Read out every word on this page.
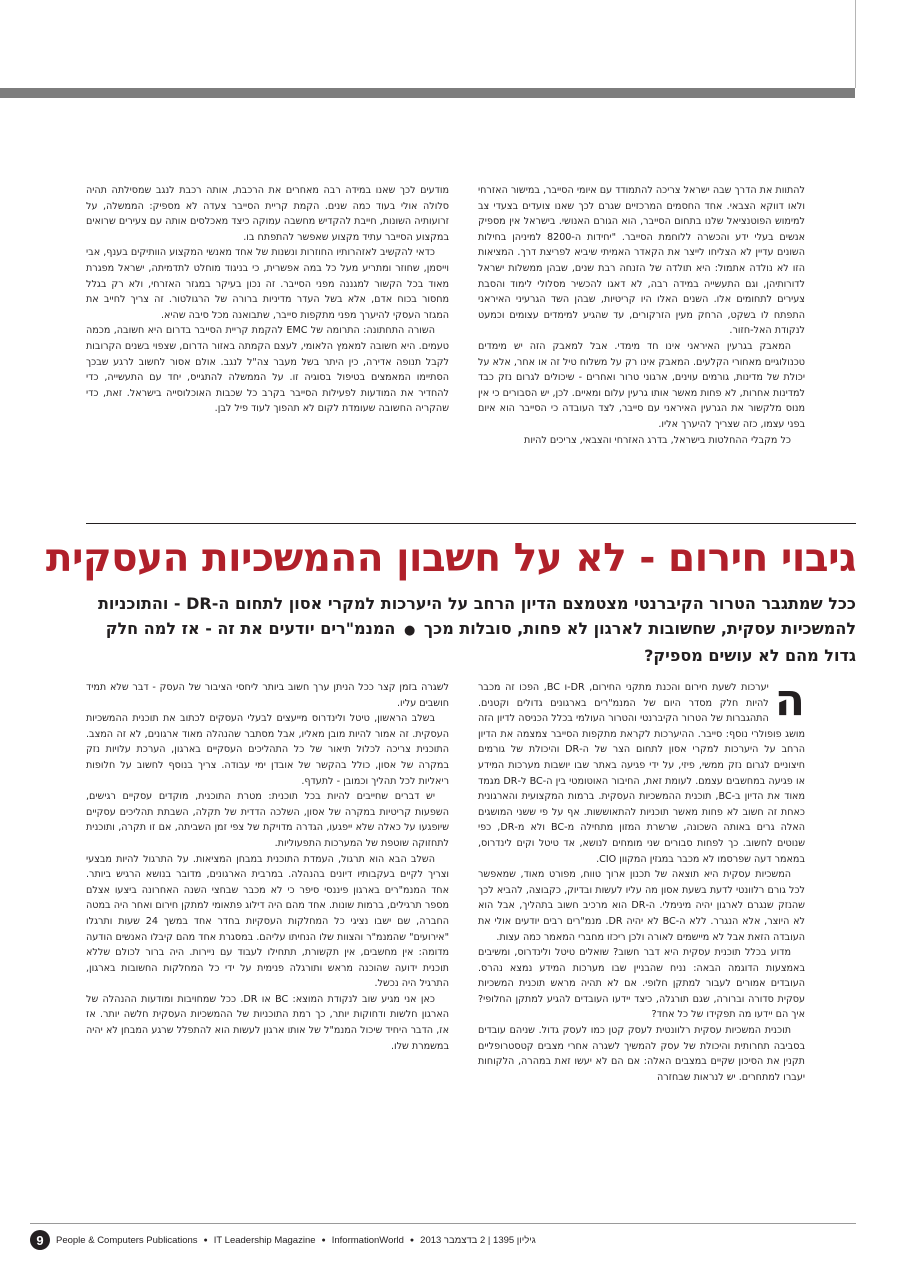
להתוות את הדרך שבה ישראל צריכה להתמודד עם איומי הסייבר, במישור האזרחי ולאו דווקא הצבאי. אחד החסמים המרכזיים שגרם לכך שאנו צועדים בצעדי צב למימוש הפוטנציאל שלנו בתחום הסייבר, הוא הגורם האנושי. בישראל אין מספיק אנשים בעלי ידע והכשרה ללוחמת הסייבר. "יחידות ה-8200 למיניהן בחילות השונים עדיין לא הצליחו לייצר את הקאדר האמיתי שיביא לפריצת דרך. המציאות הזו לא נולדה אתמול: היא תולדה של הזנחה רבת שנים, שבהן ממשלות ישראל לדורותיהן, וגם התעשייה במידה רבה, לא דאגו להכשיר מסלולי לימוד והסבת צעירים לתחומים אלו. השנים האלו היו קריטיות, שבהן השד הגרעיני האיראני התפתח לו בשקט, הרחק מעין הזרקורים, עד שהגיע למימדים עצומים וכמעט לנקודת האל-חזור.

המאבק בגרעין האיראני אינו חד מימדי. אבל למאבק הזה יש מימדים טכנולוגיים מאחורי הקלעים. המאבק אינו רק על משלוח טיל זה או אחר, אלא על יכולת של מדינות, גורמים עוינים, ארגוני טרור ואחרים - שיכולים לגרום נזק כבד למדינות אחרות, לא פחות מאשר אותו גרעין עלום ומאיים. לכן, יש הסבורים כי אין מנוס מלקשור את הגרעין האיראני עם סייבר, לצד העובדה כי הסייבר הוא איום בפני עצמו, כזה שצריך להיערך אליו.

כל מקבלי ההחלטות בישראל, בדרג האזרחי והצבאי, צריכים להיות

מודעים לכך שאנו במידה רבה מאחרים את הרכבת, אותה רכבת לנגב שמסילתה תהיה סלולה אולי בעוד כמה שנים. הקמת קריית הסייבר צעדה לא מספיק: הממשלה, על זרועותיה השונות, חייבת להקדיש מחשבה עמוקה כיצד מאכלסים אותה עם צעירים שרואים במקצוע הסייבר עתיד מקצוע שאפשר להתפתח בו.

כדאי להקשיב לאזהרותיו החוזרות ונשנות של אחד מאנשי המקצוע הוותיקים בענף, אבי וייסמן, שחוזר ומתריע מעל כל במה אפשרית, כי בניגוד מוחלט לתדמיתה, ישראל מפגרת מאוד בכל הקשור למגננה מפני הסייבר. זה נכון בעיקר במגזר האזרחי, ולא רק בגלל מחסור בכוח אדם, אלא בשל העדר מדיניות ברורה של הרגולטור. זה צריך לחייב את המגזר העסקי להיערך מפני מתקפות סייבר, שתבואנה מכל סיבה שהיא.

השורה התחתונה: התרומה של EMC להקמת קריית הסייבר בדרום היא חשובה, מכמה טעמים. היא חשובה למאמץ הלאומי, לעצם הקמתה באזור הדרום, שצפוי בשנים הקרובות לקבל תנופה אדירה, כין היתר בשל מעבר צה"ל לנגב. אולם אסור לחשוב לרגע שבכך הסתיימו המאמצים בטיפול בסוגיה זו. על הממשלה להתגייס, יחד עם התעשייה, כדי להחדיר את המודעות לפעילות הסייבר בקרב כל שכבות האוכלוסייה בישראל. זאת, כדי שהקריה החשובה שעומדת לקום לא תהפוך לעוד פיל לבן.

גיבוי חירום - לא על חשבון ההמשכיות העסקית
ככל שמתגבר הטרור הקיברנטי מצטמצם הדיון הרחב על היערכות למקרי אסון לתחום ה-DR - והתוכניות להמשכיות עסקית, שחשובות לארגון לא פחות, סובלות מכך ● המנמ"רים יודעים את זה - אז למה חלק גדול מהם לא עושים מספיק?

ה
יערכות לשעת חירום והכנת מתקני החירום, DR-ו BC, הפכו זה מכבר להיות חלק מסדר היום של המנמ"רים בארגונים גדולים וקטנים. התהגברות של הטרור הקיברנטי והטרור העולמי בכלל הכניסה לדיון הזה מושג פופולרי נוסף: סייבר. ההיערכות לקראת מתקפות הסייבר צמצמה את הדיון הרחב על היערכות למקרי אסון לתחום הצר של ה-DR והיכולת של גורמים חיצוניים לגרום נזק ממשי, פיזי, על ידי פגיעה באתר שבו יושבות מערכות המידע או פגיעה במחשבים עצמם. לעומת זאת, החיבור האוטומטי בין ה-BC ל-DR מגמד מאוד את הדיון ב-BC, תוכנית ההמשכיות העסקית. ברמות המקצועית והארגונית כאחת זה חשוב לא פחות מאשר תוכניות להתאוששות. אף על פי ששני המושגים האלה גרים באותה השכונה, שרשרת המזון מתחילה מ-BC ולא מ-DR, כפי שנוטים לחשוב. כך לפחות סבורים שני מומחים לנושא, אד טיטל וקים לינדרוס, במאמר דעה שפרסמו לא מכבר במגזין המקוון CIO.

המשכיות עסקית היא תוצאה של תכנון ארוך טווח, מפורט מאוד, שמאפשר לכל גורם רלוונטי לדעת בשעת אסון מה עליו לעשות ובדיוק, כקבוצה, להביא לכך שהנזק שנגרם לארגון יהיה מינימלי. ה-DR הוא מרכיב חשוב בתהליך, אבל הוא לא היוצר, אלא הנגרר. ללא ה-BC לא יהיה DR. מנמ"רים רבים יודעים אולי את העובדה הזאת אבל לא מיישמים לאורה ולכן ריכזו מחברי המאמר כמה עצות.

מדוע בכלל תוכנית עסקית היא דבר חשוב? שואלים טיטל ולינדרוס, ומשיבים באמצעות הדוגמה הבאה: נניח שהבניין שבו מערכות המידע נמצא נהרס. העובדים אמורים לעבור למתקן חלופי. אם לא תהיה מראש תוכנית המשכיות עסקית סדורה וברורה, שגם תורגלה, כיצד יידעו העובדים להגיע למתקן החלופי? איך הם יידעו מה תפקידו של כל אחד?

תוכנית המשכיות עסקית רלוונטית לעסק קטן כמו לעסק גדול. שניהם עובדים בסביבה תחרותית והיכולת של עסק להמשיך לשגרה אחרי מצבים קטסטרופליים תקנין את הסיכון שקיים במצבים האלה: אם הם לא יעשו זאת במהרה, הלקוחות יעברו למתחרים. יש לנראות שבחזרה

לשגרה בזמן קצר ככל הניתן ערך חשוב ביותר ליחסי הציבור של העסק - דבר שלא תמיד חושבים עליו.

בשלב הראשון, טיטל ולינדרוס מייעצים לבעלי העסקים לכתוב את תוכנית ההמשכיות העסקית. זה אמור להיות מובן מאליו, אבל מסתבר שהנהלה מאוד ארגונים, לא זה המצב. התוכנית צריכה לכלול תיאור של כל התהליכים העסקיים בארגון, הערכת עלויות נזק במקרה של אסון, כולל בהקשר של אובדן ימי עבודה. צריך בנוסף לחשוב על חלופות ריאליות לכל תהליך וכמובן - לתעדף.

יש דברים שחייבים להיות בכל תוכנית: מטרת התוכנית, מוקדים עסקיים רגישים, השפעות קריטיות במקרה של אסון, השלכה הדדית של תקלה, השבתת תהליכים עסקיים שיופגעו על כאלה שלא ייפגעו, הגדרה מדויקת של צפי זמן השביתה, אם זו תקרה, ותוכנית לתחזוקה שוטפת של המערכות התפעוליות.

השלב הבא הוא תרגול, העמדת התוכנית במבחן המציאות. על התרגול להיות מבצעי וצריך לקיים בעקבותיו דיונים בהנהלה. במרבית הארגונים, מדובר בנושא הרגיש ביותר. אחד המנמ"רים בארגון פיננסי סיפר כי לא מכבר שבחצי השנה האחרונה ביצעו אצלם מספר תרגילים, ברמות שונות. אחד מהם היה דילוג פתאומי למתקן חירום ואחר היה במטה החברה, שם ישבו נציגי כל המחלקות העסקיות בחדר אחד במשך 24 שעות ותרגלו "אירועים" שהמנמ"ר והצוות שלו הנחיתו עליהם. במסגרת אחד מהם קיבלו האנשים הודעה מדומה: אין מחשבים, אין תקשורת, תתחילו לעבוד עם ניירות. היה ברור לכולם שללא תוכנית ידועה שהוכנה מראש ותורגלה פנימית על ידי כל המחלקות החשובות בארגון, התרגיל היה נכשל.

כאן אני מגיע שוב לנקודת המוצא: BC או DR. ככל שמחויבות ומודעות ההנהלה של הארגון חלשות ודחוקות יותר, כך רמת התוכניות של ההמשכיות העסקית חלשה יותר. אז אז, הדבר היחיד שיכול המנמ"ל של אותו ארגון לעשות הוא להתפלל שרגע המבחן לא יהיה במשמרת שלו.

9	People & Computers Publications ● IT Leadership Magazine ● InformationWorld ● גיליון 1395 | 2 בדצמבר 2013
